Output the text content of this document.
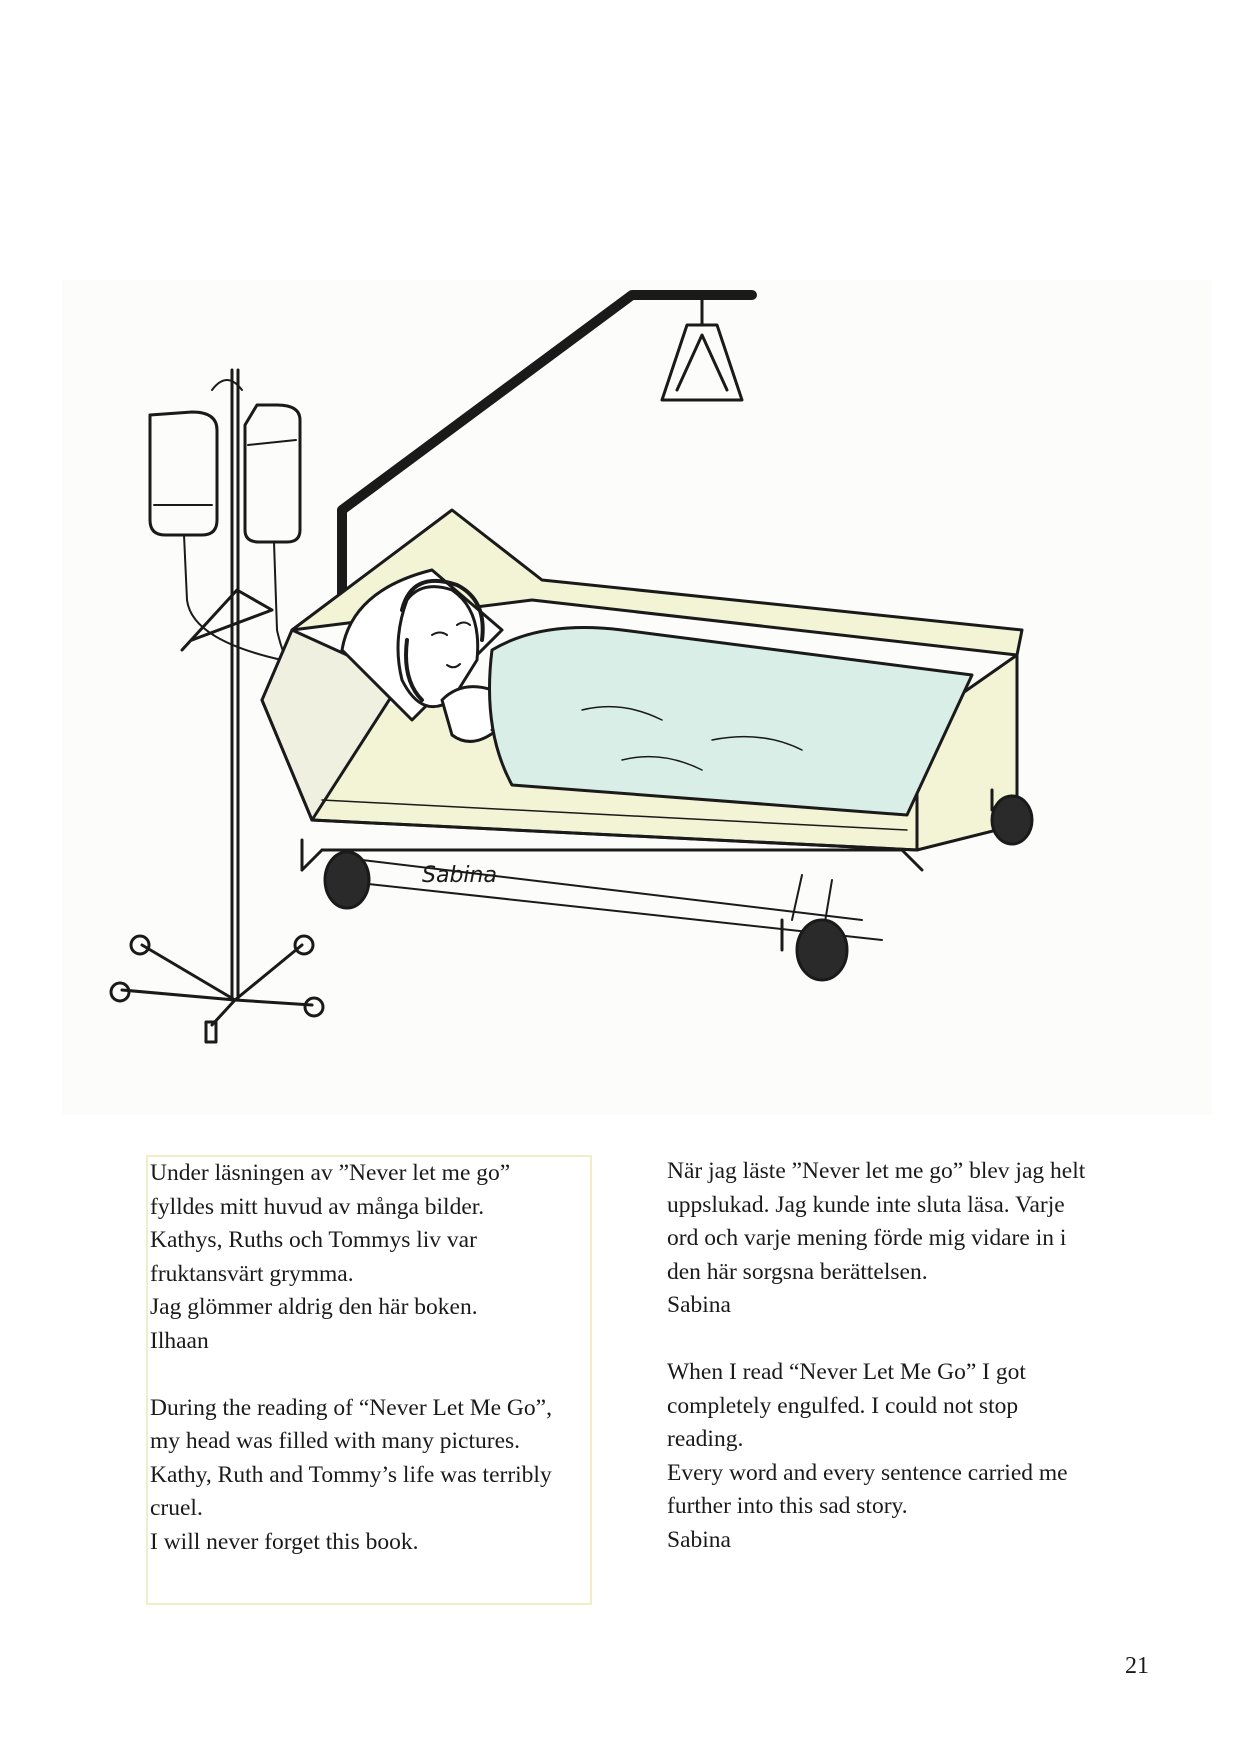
Sabina

Under läsningen av ”Never let me go”
fylldes mitt huvud av många bilder.
Kathys, Ruths och Tommys liv var
fruktansvärt grymma.
Jag glömmer aldrig den här boken.
Ilhaan

During the reading of “Never Let Me Go”,
my head was filled with many pictures.
Kathy, Ruth and Tommy’s life was terribly
cruel.
I will never forget this book.

När jag läste ”Never let me go” blev jag helt
uppslukad. Jag kunde inte sluta läsa. Varje
ord och varje mening förde mig vidare in i
den här sorgsna berättelsen.
Sabina

When I read “Never Let Me Go” I got
completely engulfed. I could not stop
reading.
Every word and every sentence carried me
further into this sad story.
Sabina

21
